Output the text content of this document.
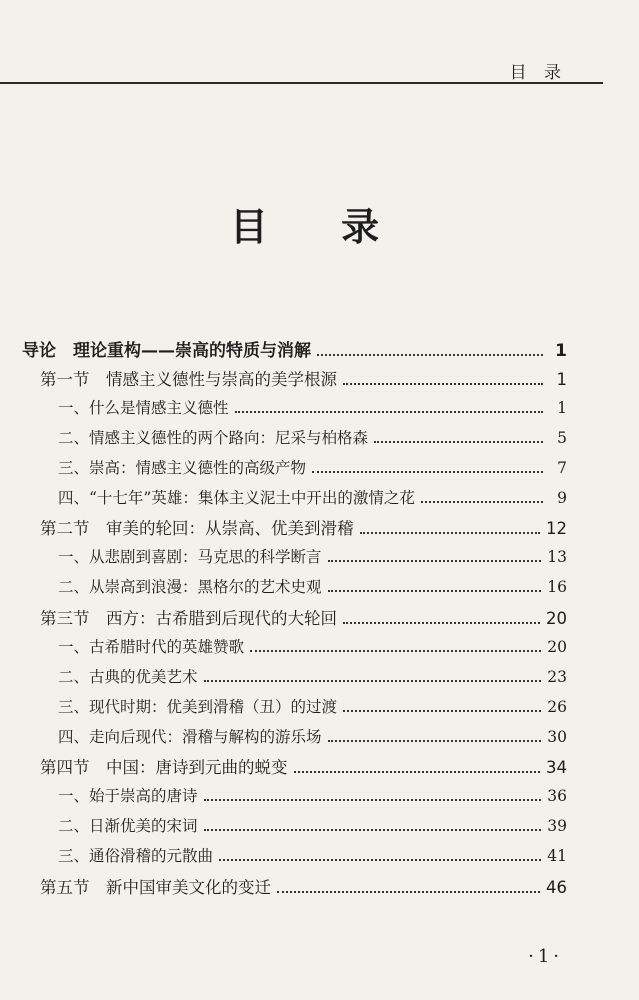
目 录
目 录
导论　理论重构——崇高的特质与消解	1
第一节　情感主义德性与崇高的美学根源	1
一、什么是情感主义德性	1
二、情感主义德性的两个路向：尼采与柏格森	5
三、崇高：情感主义德性的高级产物	7
四、“十七年”英雄：集体主义泥土中开出的激情之花	9
第二节　审美的轮回：从崇高、优美到滑稽	12
一、从悲剧到喜剧：马克思的科学断言	13
二、从崇高到浪漫：黑格尔的艺术史观	16
第三节　西方：古希腊到后现代的大轮回	20
一、古希腊时代的英雄赞歌	20
二、古典的优美艺术	23
三、现代时期：优美到滑稽（丑）的过渡	26
四、走向后现代：滑稽与解构的游乐场	30
第四节　中国：唐诗到元曲的蜕变	34
一、始于崇高的唐诗	36
二、日渐优美的宋词	39
三、通俗滑稽的元散曲	41
第五节　新中国审美文化的变迁	46
·1·
